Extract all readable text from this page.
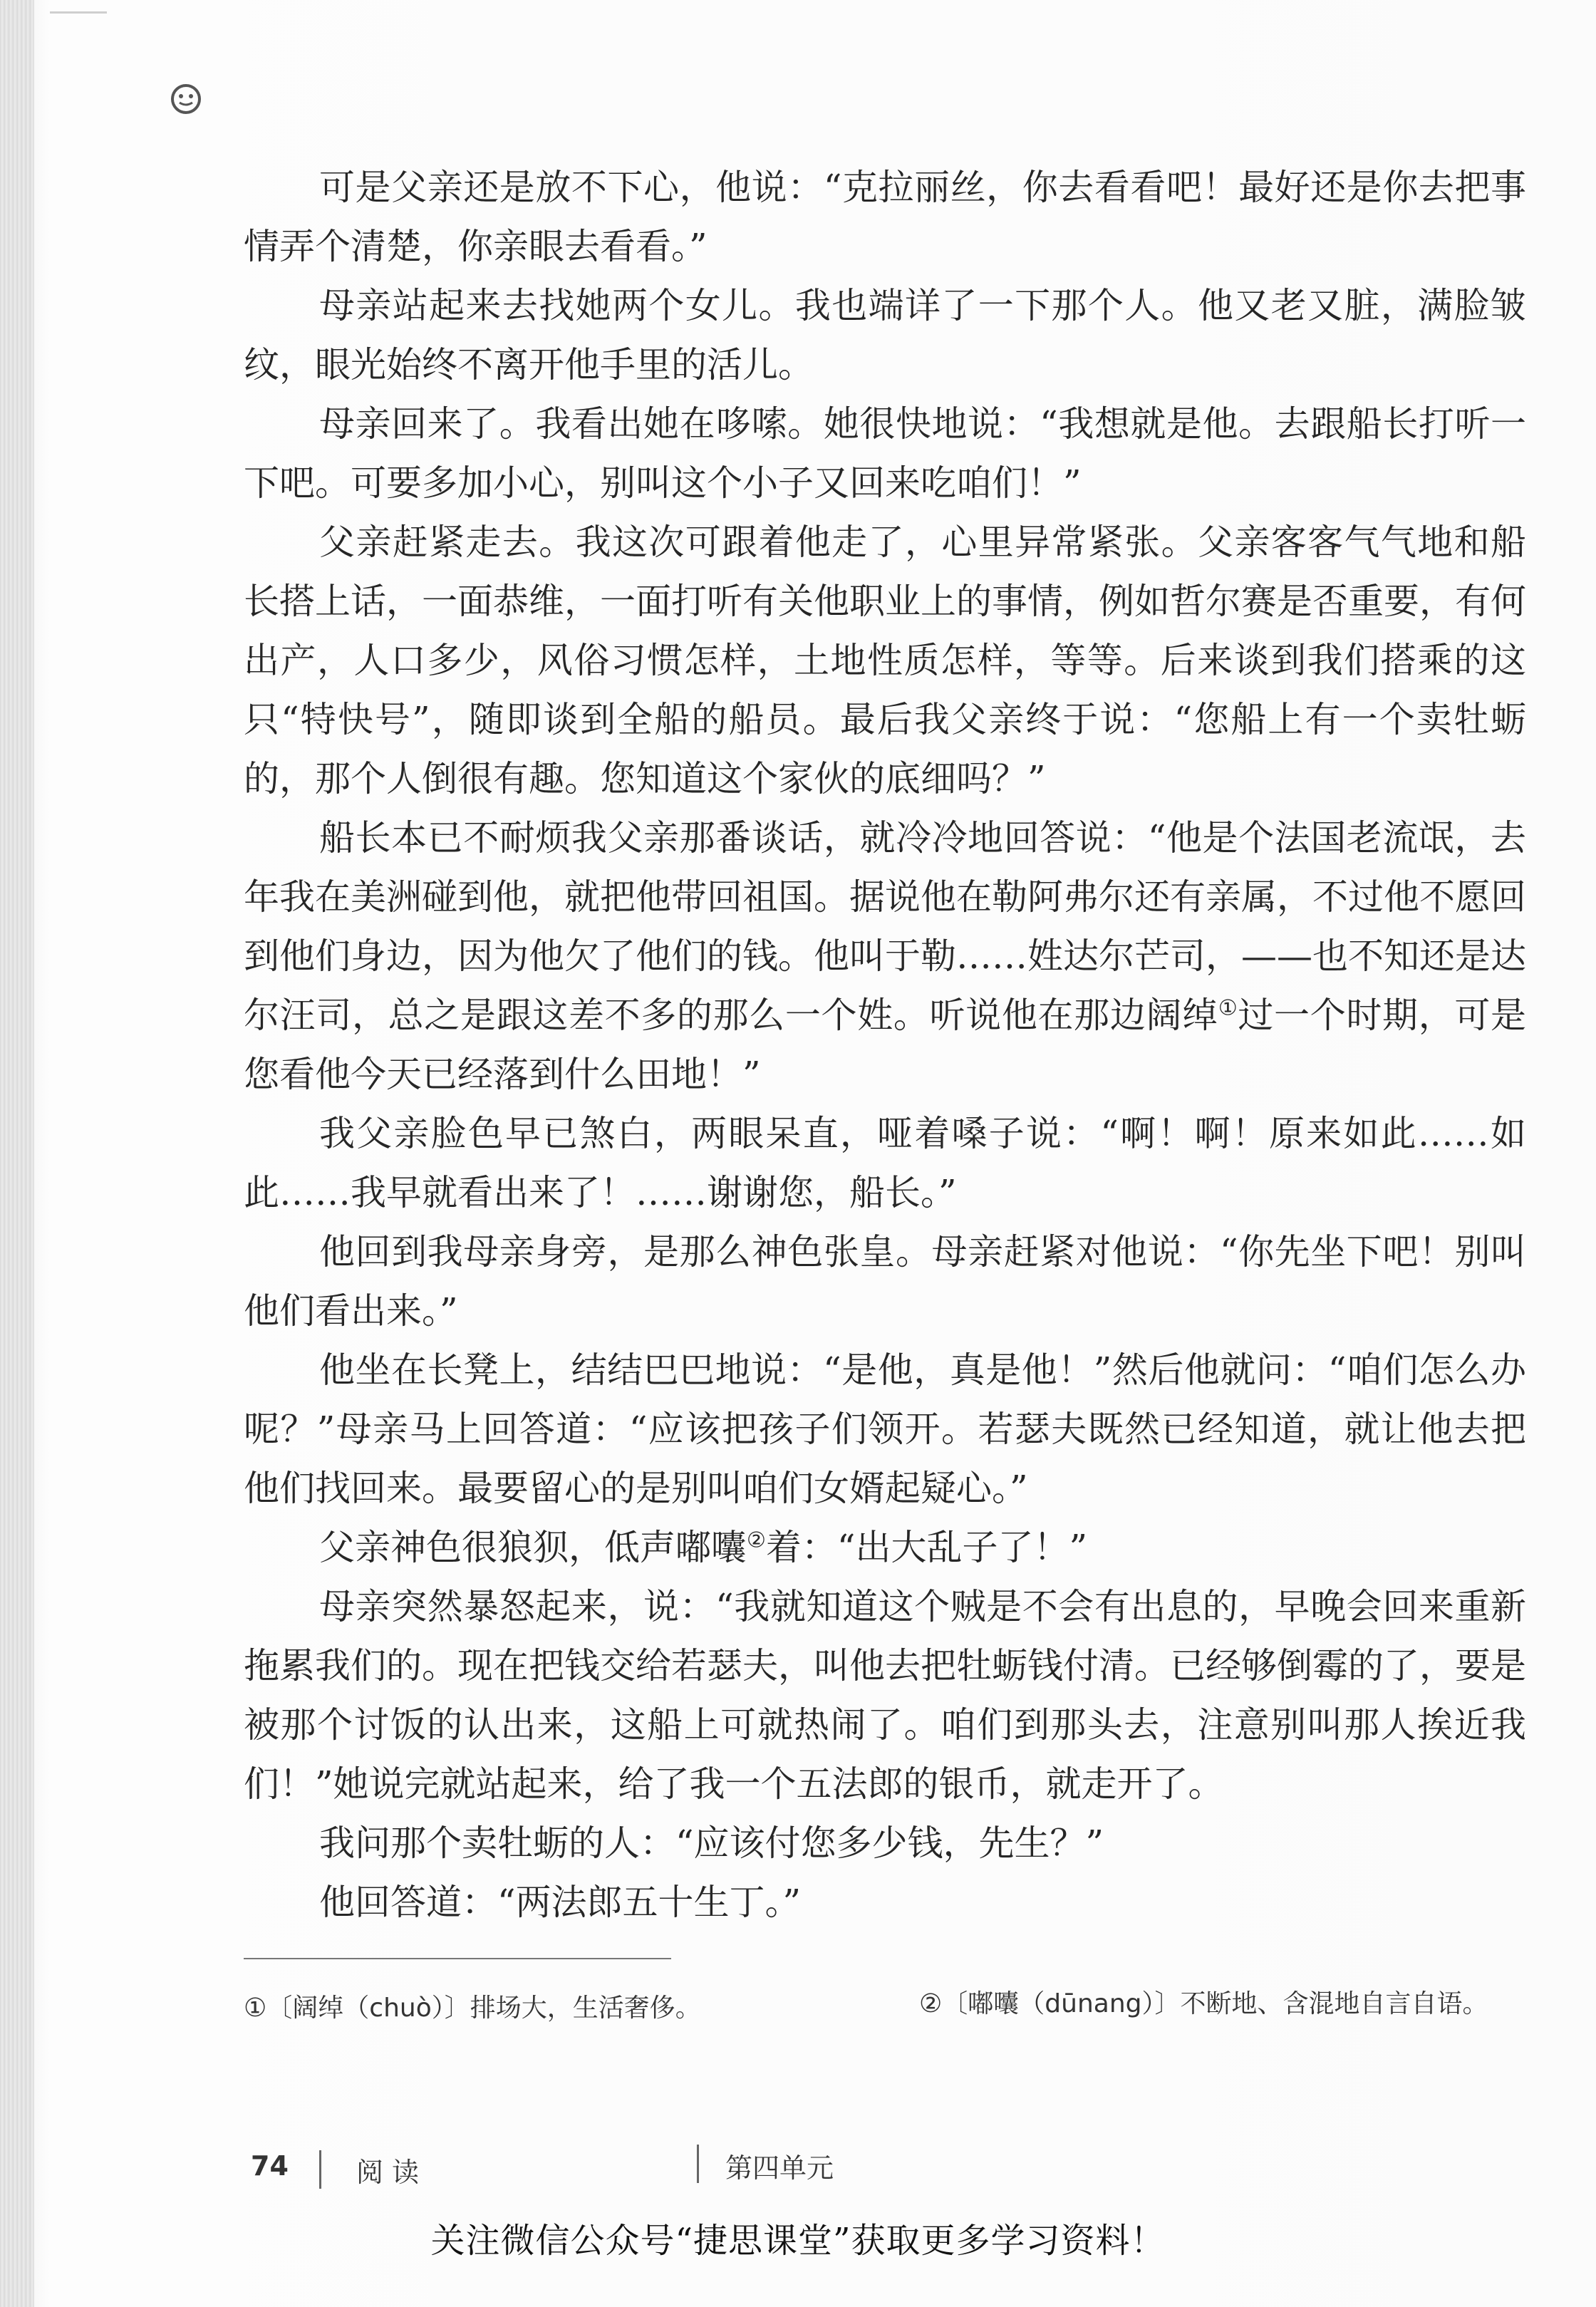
可是父亲还是放不下心，他说：“克拉丽丝，你去看看吧！最好还是你去把事情弄个清楚，你亲眼去看看。”

母亲站起来去找她两个女儿。我也端详了一下那个人。他又老又脏，满脸皱纹，眼光始终不离开他手里的活儿。

母亲回来了。我看出她在哆嗦。她很快地说：“我想就是他。去跟船长打听一下吧。可要多加小心，别叫这个小子又回来吃咱们！”

父亲赶紧走去。我这次可跟着他走了，心里异常紧张。父亲客客气气地和船长搭上话，一面恭维，一面打听有关他职业上的事情，例如哲尔赛是否重要，有何出产，人口多少，风俗习惯怎样，土地性质怎样，等等。后来谈到我们搭乘的这只“特快号”，随即谈到全船的船员。最后我父亲终于说：“您船上有一个卖牡蛎的，那个人倒很有趣。您知道这个家伙的底细吗？”

船长本已不耐烦我父亲那番谈话，就冷冷地回答说：“他是个法国老流氓，去年我在美洲碰到他，就把他带回祖国。据说他在勒阿弗尔还有亲属，不过他不愿回到他们身边，因为他欠了他们的钱。他叫于勒……姓达尔芒司，——也不知还是达尔汪司，总之是跟这差不多的那么一个姓。听说他在那边阔绰①过一个时期，可是您看他今天已经落到什么田地！”

我父亲脸色早已煞白，两眼呆直，哑着嗓子说：“啊！啊！原来如此……如此……我早就看出来了！……谢谢您，船长。”

他回到我母亲身旁，是那么神色张皇。母亲赶紧对他说：“你先坐下吧！别叫他们看出来。”

他坐在长凳上，结结巴巴地说：“是他，真是他！”然后他就问：“咱们怎么办呢？”母亲马上回答道：“应该把孩子们领开。若瑟夫既然已经知道，就让他去把他们找回来。最要留心的是别叫咱们女婿起疑心。”

父亲神色很狼狈，低声嘟囔②着：“出大乱子了！”

母亲突然暴怒起来，说：“我就知道这个贼是不会有出息的，早晚会回来重新拖累我们的。现在把钱交给若瑟夫，叫他去把牡蛎钱付清。已经够倒霉的了，要是被那个讨饭的认出来，这船上可就热闹了。咱们到那头去，注意别叫那人挨近我们！”她说完就站起来，给了我一个五法郎的银币，就走开了。

我问那个卖牡蛎的人：“应该付您多少钱，先生？”

他回答道：“两法郎五十生丁。”

①〔阔绰（chuò）〕排场大，生活奢侈。	②〔嘟囔（dūnang）〕不断地、含混地自言自语。
74	阅读	第四单元
关注微信公众号“捷思课堂”获取更多学习资料！
